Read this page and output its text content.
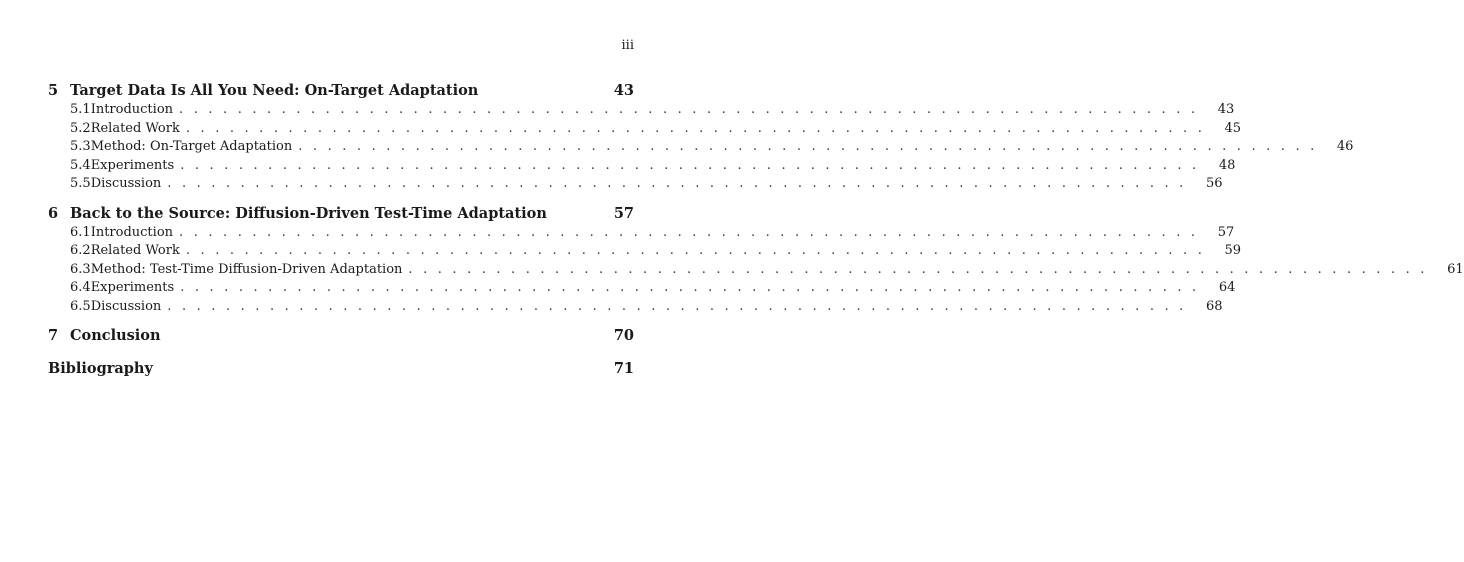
iii
5 Target Data Is All You Need: On-Target Adaptation	43
5.1 Introduction . . . . . . . . . . . . . . . . . . . . . . . . . . . . . . . . . . . . . . . . . . . . . . . . . . . . . . . . . . . . . . . . . . . . . .	43
5.2 Related Work . . . . . . . . . . . . . . . . . . . . . . . . . . . . . . . . . . . . . . . . . . . . . . . . . . . . . . . . . . . . . . . . . . . . . .	45
5.3 Method: On-Target Adaptation . . . . . . . . . . . . . . . . . . . . . . . . . . . . . . . . . . . . . . . . . . . . . . . . . . . . . . . . . . . . . . . . . . . . . .	46
5.4 Experiments . . . . . . . . . . . . . . . . . . . . . . . . . . . . . . . . . . . . . . . . . . . . . . . . . . . . . . . . . . . . . . . . . . . . . .	48
5.5 Discussion . . . . . . . . . . . . . . . . . . . . . . . . . . . . . . . . . . . . . . . . . . . . . . . . . . . . . . . . . . . . . . . . . . . . . .	56
6 Back to the Source: Diffusion-Driven Test-Time Adaptation	57
6.1 Introduction . . . . . . . . . . . . . . . . . . . . . . . . . . . . . . . . . . . . . . . . . . . . . . . . . . . . . . . . . . . . . . . . . . . . . .	57
6.2 Related Work . . . . . . . . . . . . . . . . . . . . . . . . . . . . . . . . . . . . . . . . . . . . . . . . . . . . . . . . . . . . . . . . . . . . . .	59
6.3 Method: Test-Time Diffusion-Driven Adaptation . . . . . . . . . . . . . . . . . . . . . . . . . . . . . . . . . . . . . . . . . . . . . . . . . . . . . . . . . . . . . . . . . . . . . .	61
6.4 Experiments . . . . . . . . . . . . . . . . . . . . . . . . . . . . . . . . . . . . . . . . . . . . . . . . . . . . . . . . . . . . . . . . . . . . . .	64
6.5 Discussion . . . . . . . . . . . . . . . . . . . . . . . . . . . . . . . . . . . . . . . . . . . . . . . . . . . . . . . . . . . . . . . . . . . . . .	68
7 Conclusion	70
Bibliography	71
